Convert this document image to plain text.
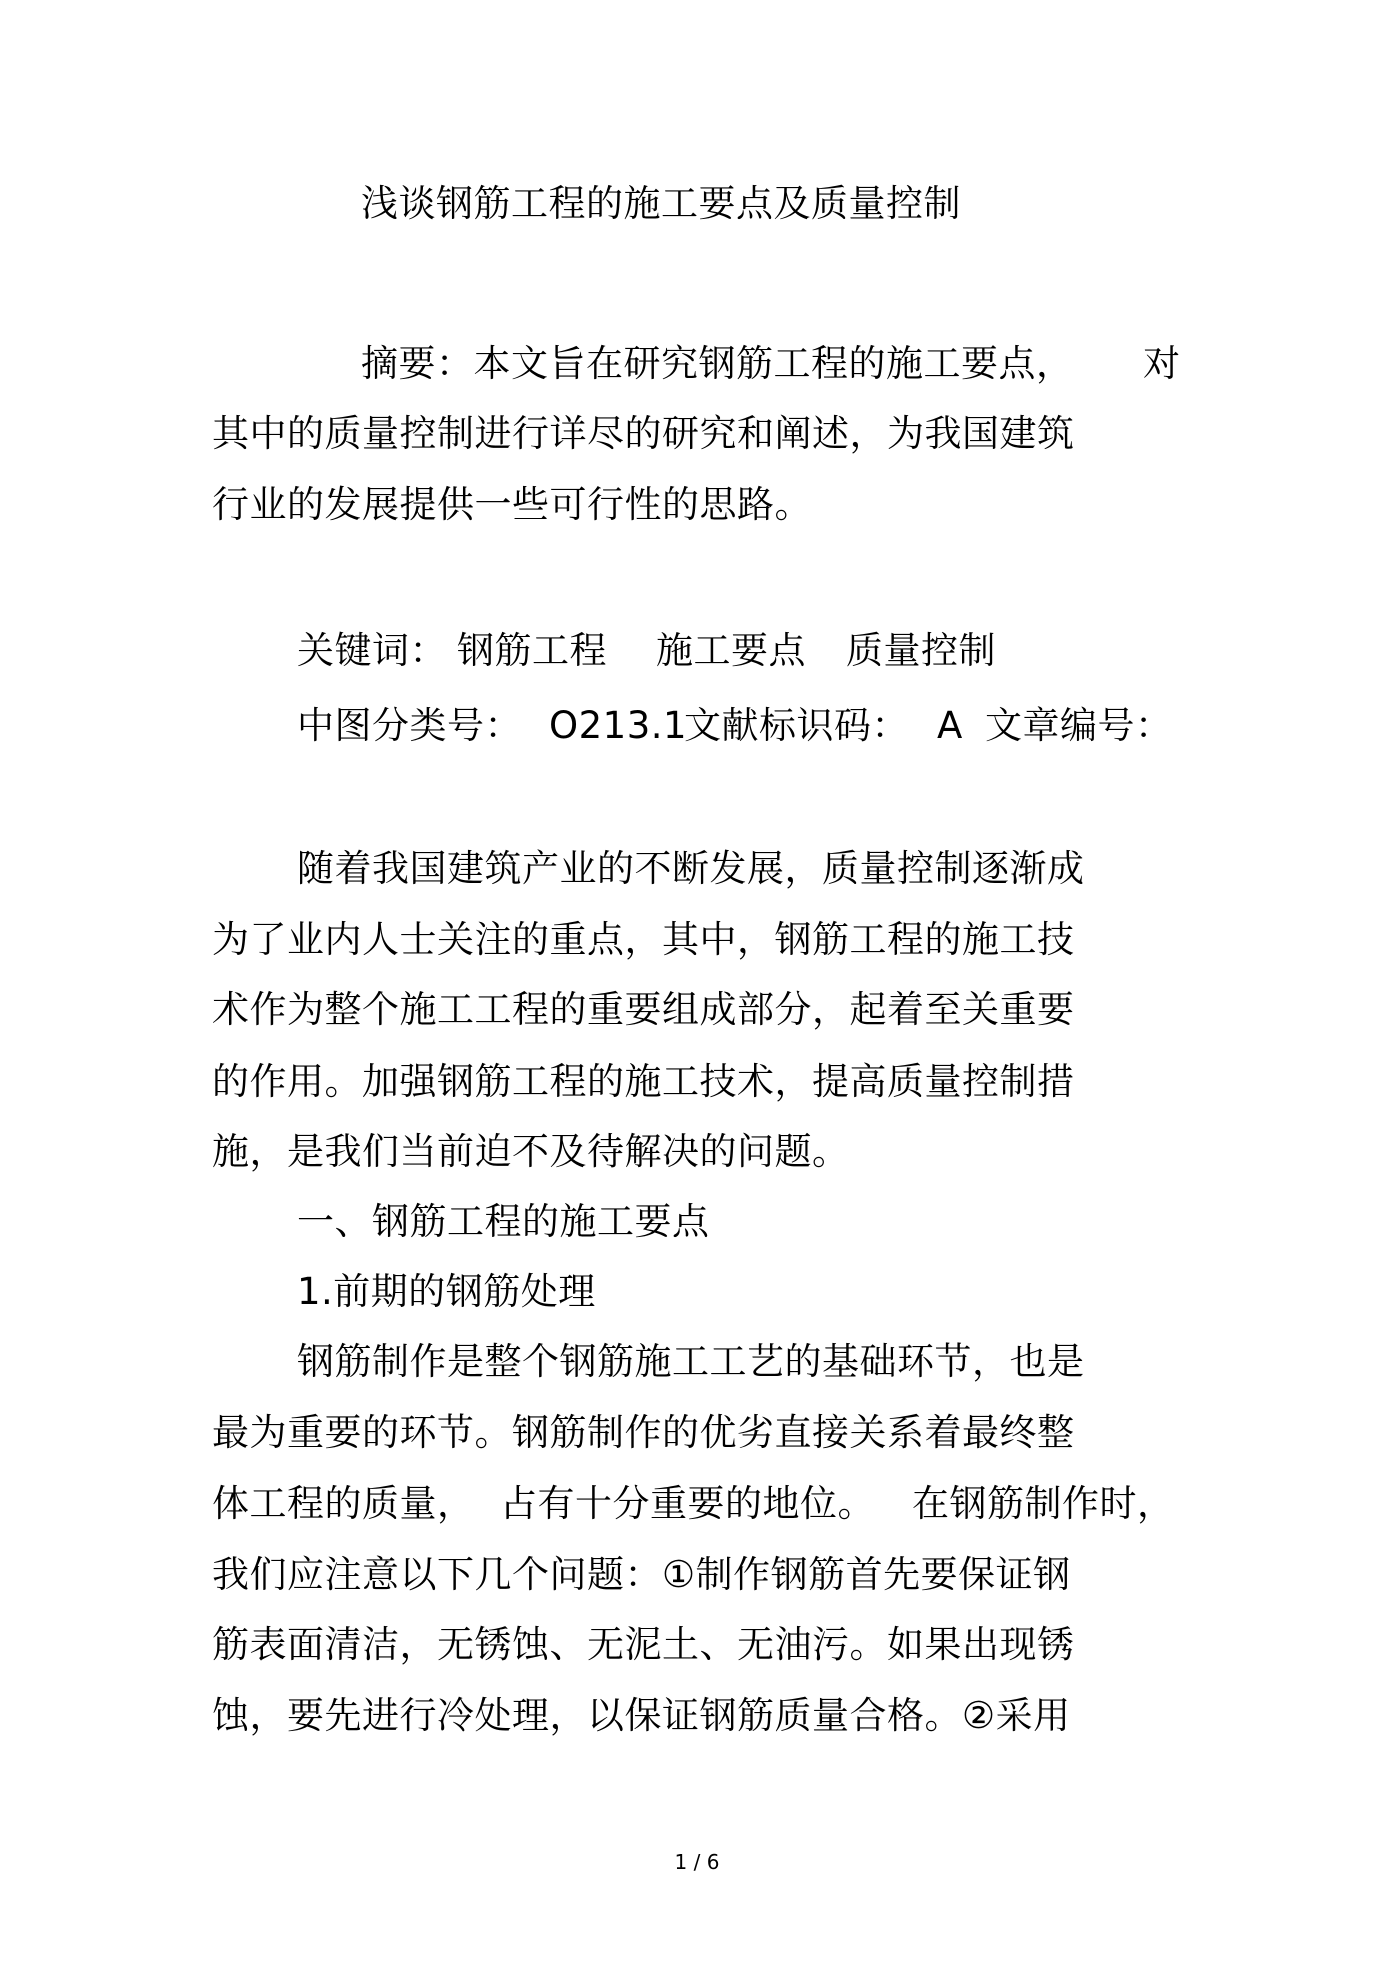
浅谈钢筋工程的施工要点及质量控制
摘要：本文旨在研究钢筋工程的施工要点， 对
其中的质量控制进行详尽的研究和阐述，为我国建筑
行业的发展提供一些可行性的思路。
关键词： 钢筋工程 施工要点 质量控制
中图分类号： O213.1
文献标识码： A 文章编号：
随着我国建筑产业的不断发展，质量控制逐渐成
为了业内人士关注的重点，其中，钢筋工程的施工技
术作为整个施工工程的重要组成部分，起着至关重要
的作用。加强钢筋工程的施工技术，提高质量控制措
施，是我们当前迫不及待解决的问题。
一、钢筋工程的施工要点
1.前期的钢筋处理
钢筋制作是整个钢筋施工工艺的基础环节，也是
最为重要的环节。钢筋制作的优劣直接关系着最终整
体工程的质量， 占有十分重要的地位。 在钢筋制作时，
我们应注意以下几个问题：①制作钢筋首先要保证钢
筋表面清洁，无锈蚀、无泥土、无油污。如果出现锈
蚀，要先进行冷处理，以保证钢筋质量合格。②采用
1 / 6
